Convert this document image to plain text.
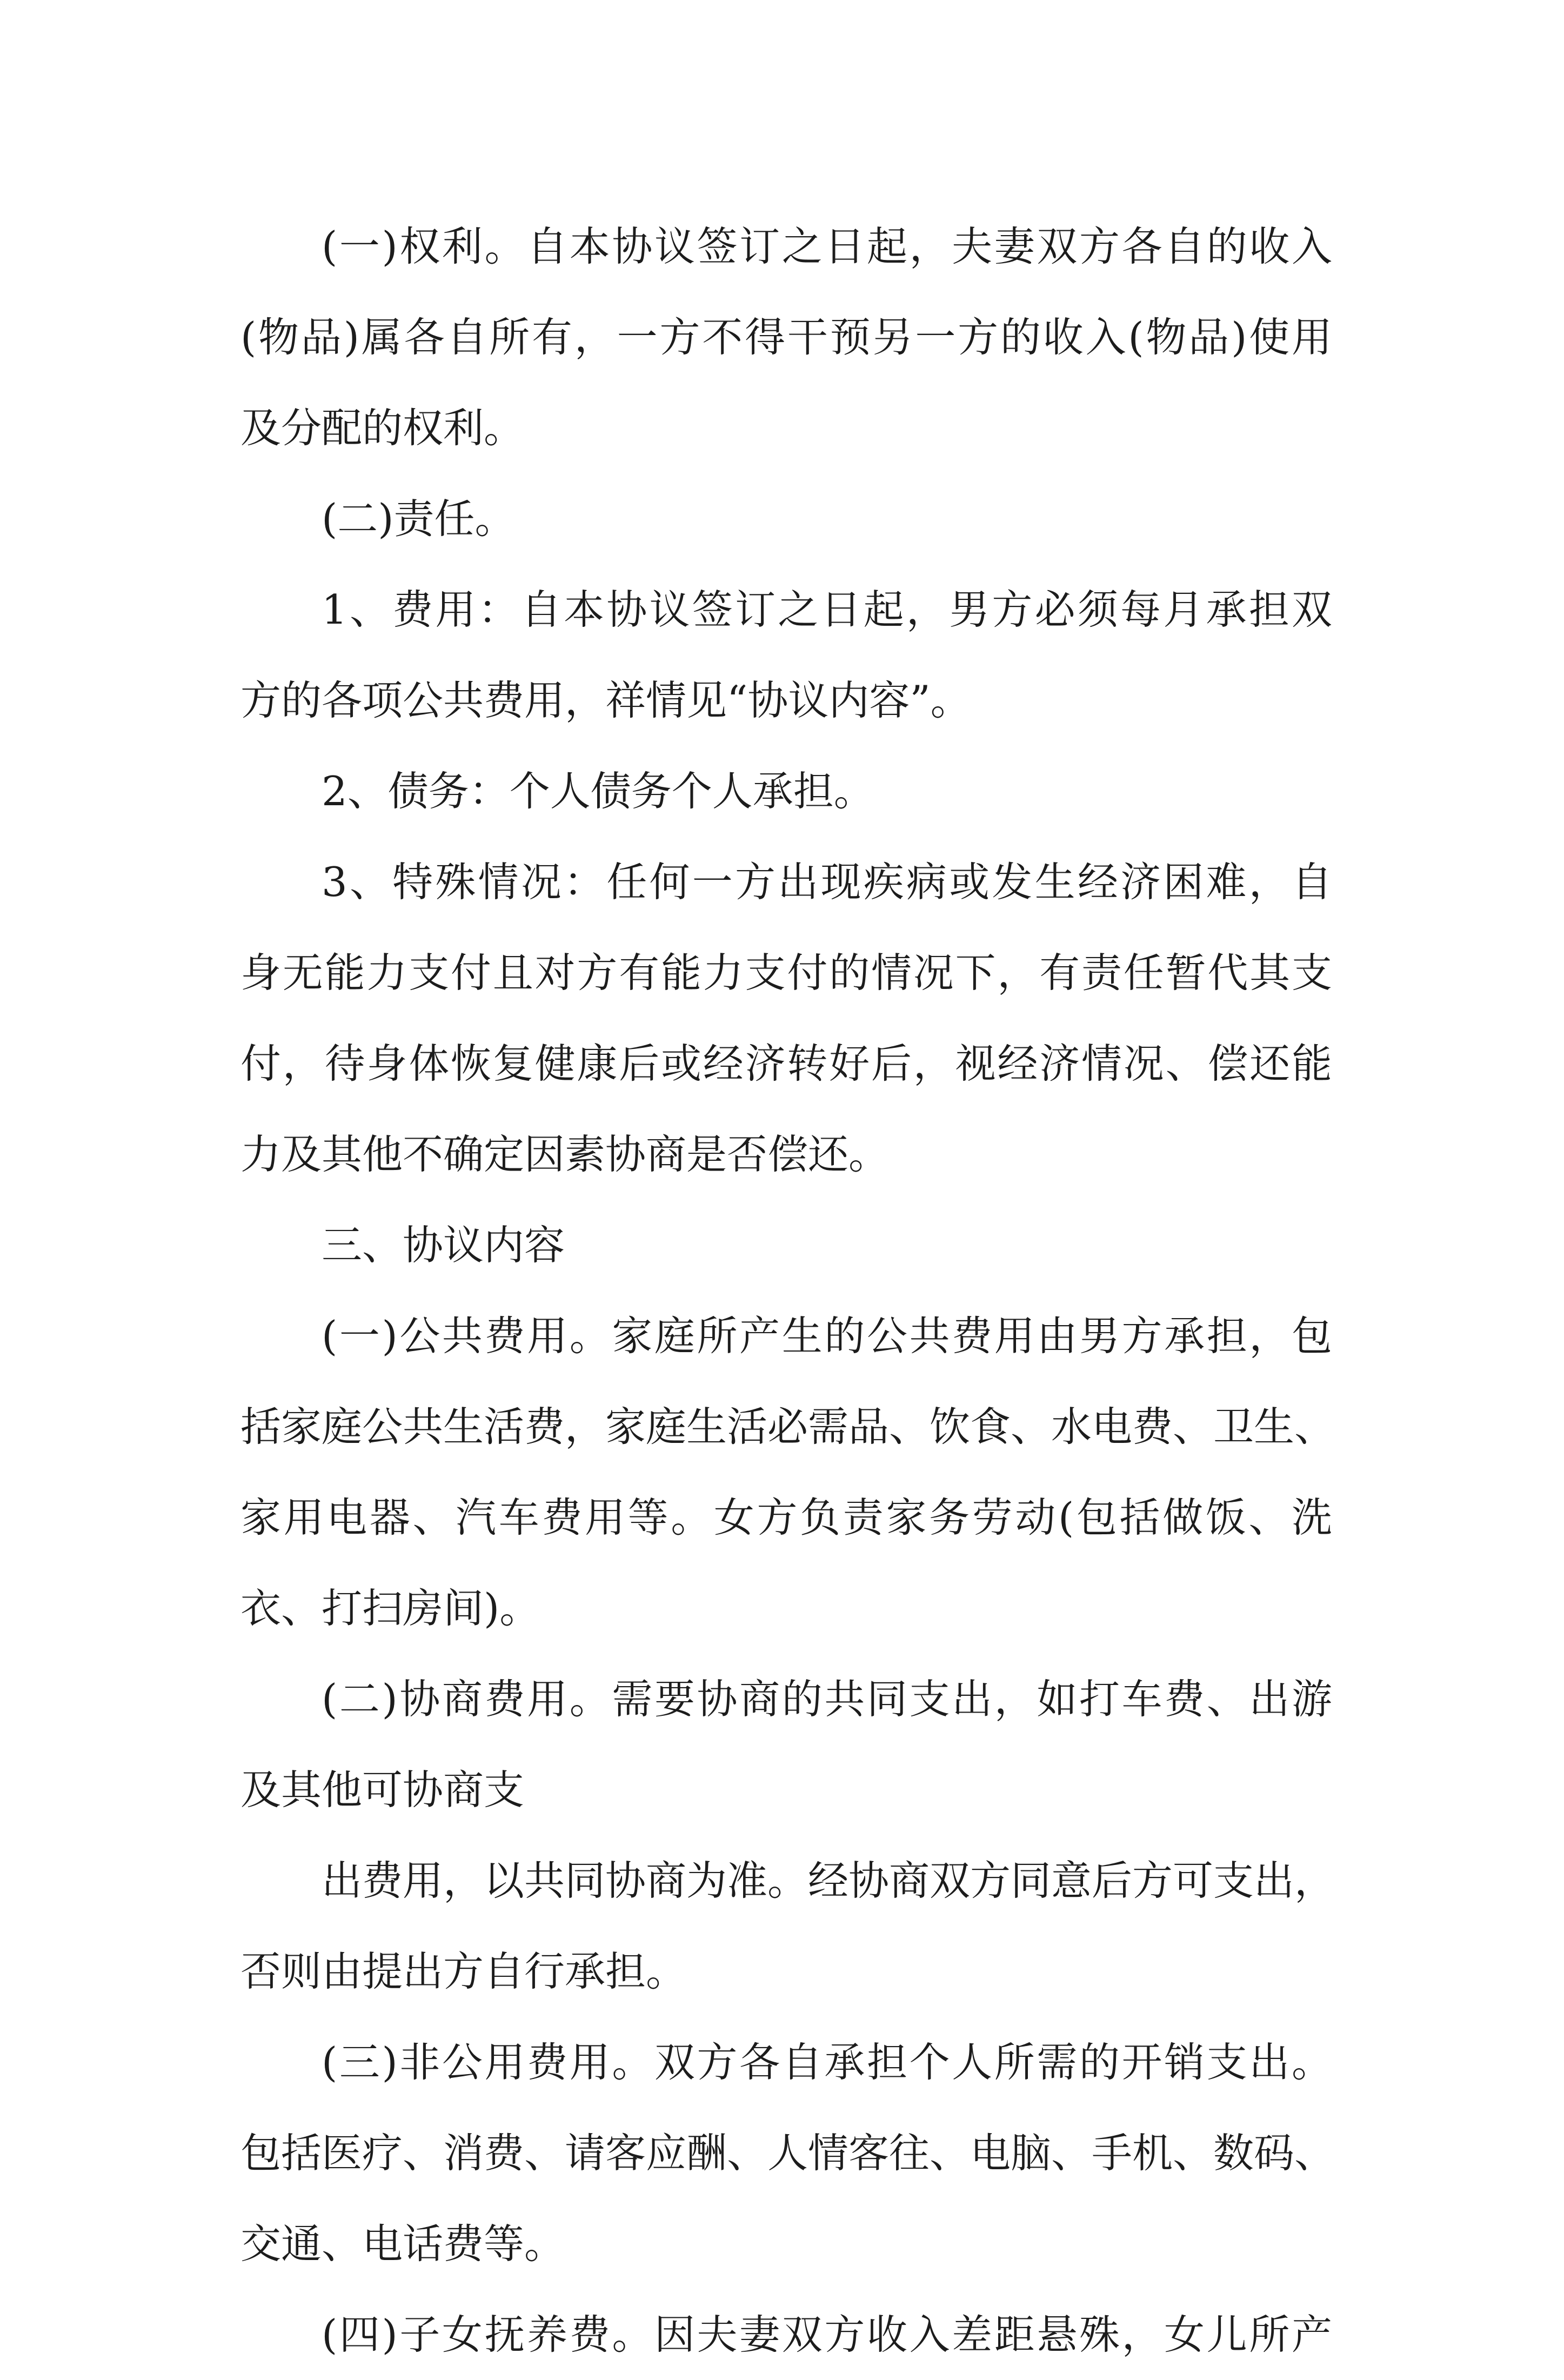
(一)权利。自本协议签订之日起，夫妻双方各自的收入
(物品)属各自所有，一方不得干预另一方的收入(物品)使用
及分配的权利。
(二)责任。
1、费用：自本协议签订之日起，男方必须每月承担双
方的各项公共费用，祥情见“协议内容”。
2、债务：个人债务个人承担。
3、特殊情况：任何一方出现疾病或发生经济困难，自
身无能力支付且对方有能力支付的情况下，有责任暂代其支
付，待身体恢复健康后或经济转好后，视经济情况、偿还能
力及其他不确定因素协商是否偿还。
三、协议内容
(一)公共费用。家庭所产生的公共费用由男方承担，包
括家庭公共生活费，家庭生活必需品、饮食、水电费、卫生、
家用电器、汽车费用等。女方负责家务劳动(包括做饭、洗
衣、打扫房间)。
(二)协商费用。需要协商的共同支出，如打车费、出游
及其他可协商支
出费用，以共同协商为准。经协商双方同意后方可支出，
否则由提出方自行承担。
(三)非公用费用。双方各自承担个人所需的开销支出。
包括医疗、消费、请客应酬、人情客往、电脑、手机、数码、
交通、电话费等。
(四)子女抚养费。因夫妻双方收入差距悬殊，女儿所产
